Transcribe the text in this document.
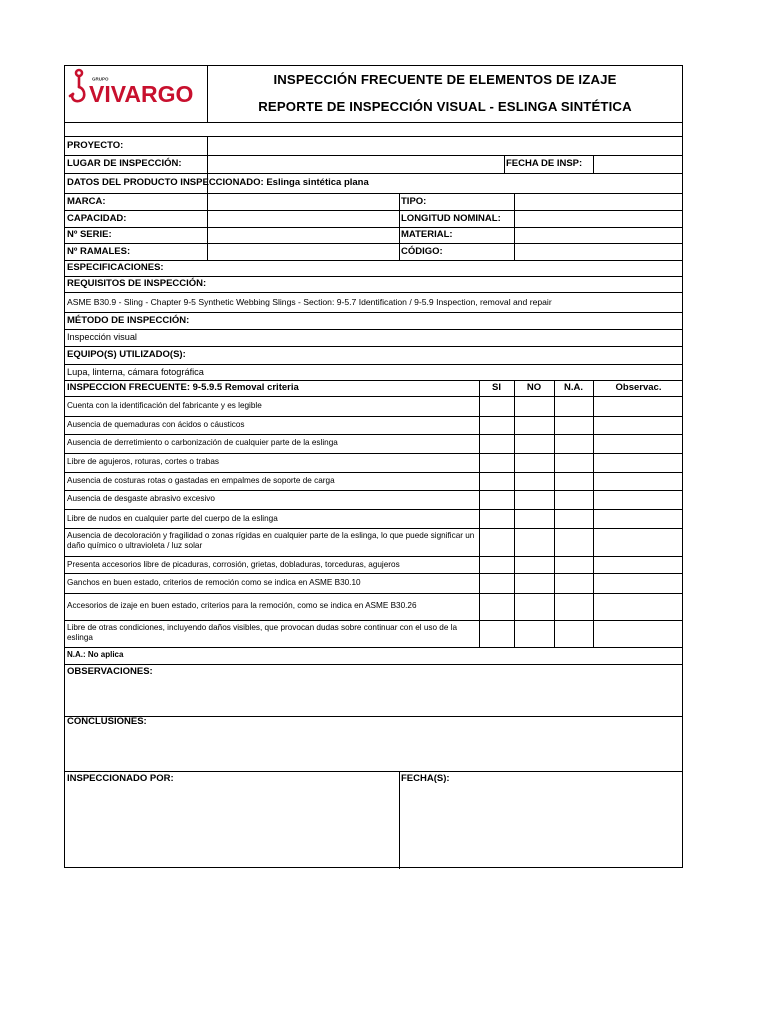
GRUPO
VIVARGO
INSPECCIÓN FRECUENTE DE ELEMENTOS DE IZAJE
REPORTE DE INSPECCIÓN VISUAL - ESLINGA SINTÉTICA
PROYECTO:
LUGAR DE INSPECCIÓN:	FECHA DE INSP:
DATOS DEL PRODUCTO INSPECCIONADO: Eslinga sintética plana
MARCA:	TIPO:
CAPACIDAD:	LONGITUD NOMINAL:
Nº SERIE:	MATERIAL:
Nº RAMALES:	CÓDIGO:
ESPECIFICACIONES:
REQUISITOS DE INSPECCIÓN:
ASME B30.9 - Sling - Chapter 9-5 Synthetic Webbing Slings - Section: 9-5.7 Identification / 9-5.9 Inspection, removal and repair
MÉTODO DE INSPECCIÓN:
Inspección visual
EQUIPO(S) UTILIZADO(S):
Lupa, linterna, cámara fotográfica
INSPECCION FRECUENTE: 9-5.9.5 Removal criteria	SI	NO	N.A.	Observac.
Cuenta con la identificación del fabricante y es legible
Ausencia de quemaduras con ácidos o cáusticos
Ausencia de derretimiento o carbonización de cualquier parte de la eslinga
Libre de agujeros, roturas, cortes o trabas
Ausencia de costuras rotas o gastadas en empalmes de soporte de carga
Ausencia de desgaste abrasivo excesivo
Libre de nudos en cualquier parte del cuerpo de la eslinga
Ausencia de decoloración y fragilidad o zonas rígidas en cualquier parte de la eslinga, lo que puede significar un daño químico o ultravioleta / luz solar
Presenta accesorios libre de picaduras, corrosión, grietas, dobladuras, torceduras, agujeros
Ganchos en buen estado, criterios de remoción como se indica en ASME B30.10
Accesorios de izaje en buen estado, criterios para la remoción, como se indica en ASME B30.26
Libre de otras condiciones, incluyendo daños visibles, que provocan dudas sobre continuar con el uso de la eslinga
N.A.: No aplica
OBSERVACIONES:
CONCLUSIONES:
INSPECCIONADO POR:	FECHA(S):
